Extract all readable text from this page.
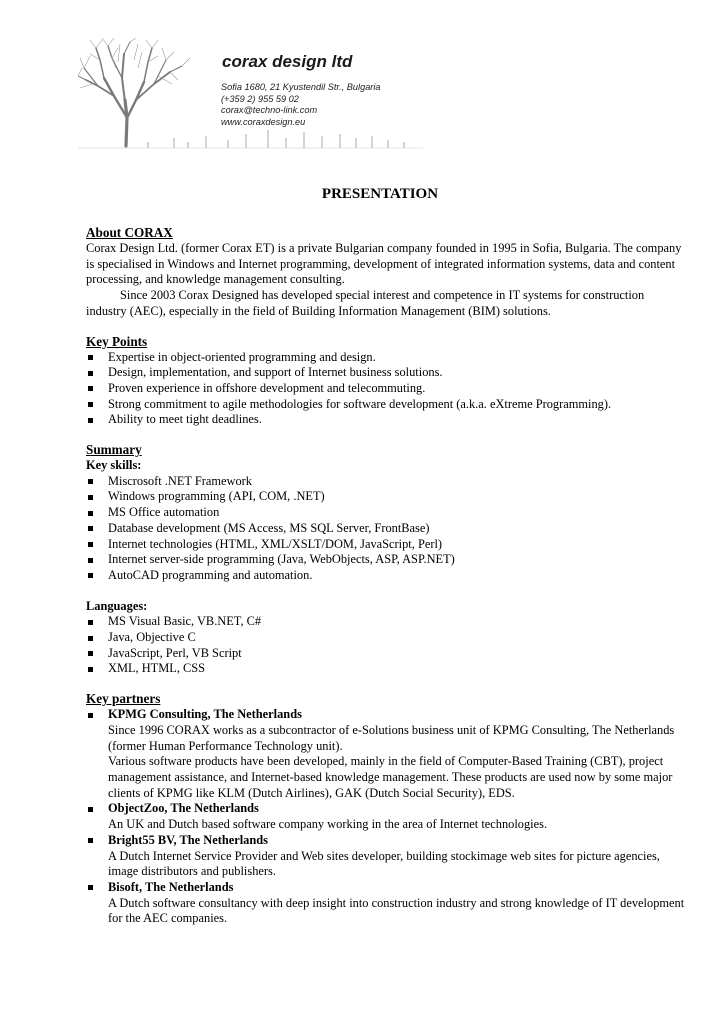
corax design ltd
Sofia 1680, 21 Kyustendil Str., Bulgaria
(+359 2) 955 59 02
corax@techno-link.com
www.coraxdesign.eu
PRESENTATION
About CORAX

Corax Design Ltd. (former Corax ET) is a private Bulgarian company founded in 1995 in Sofia, Bulgaria. The company is specialised in Windows and Internet programming, development of integrated information systems, data and content processing, and knowledge management consulting.

Since 2003 Corax Designed has developed special interest and competence in IT systems for construction industry (AEC), especially in the field of Building Information Management (BIM) solutions.

Key Points
Expertise in object-oriented programming and design.
Design, implementation, and support of Internet business solutions.
Proven experience in offshore development and telecommuting.
Strong commitment to agile methodologies for software development (a.k.a. eXtreme Programming).
Ability to meet tight deadlines.
Summary
Key skills:
Miscrosoft .NET Framework
Windows programming (API, COM, .NET)
MS Office automation
Database development (MS Access, MS SQL Server, FrontBase)
Internet technologies (HTML, XML/XSLT/DOM, JavaScript, Perl)
Internet server-side programming (Java, WebObjects, ASP, ASP.NET)
AutoCAD programming and automation.
Languages:
MS Visual Basic, VB.NET, C#
Java, Objective C
JavaScript, Perl, VB Script
XML, HTML, CSS
Key partners
KPMG Consulting, The Netherlands
Since 1996 CORAX works as a subcontractor of e-Solutions business unit of KPMG Consulting, The Netherlands (former Human Performance Technology unit).
Various software products have been developed, mainly in the field of Computer-Based Training (CBT), project management assistance, and Internet-based knowledge management. These products are used now by some major clients of KPMG like KLM (Dutch Airlines), GAK (Dutch Social Security), EDS.
ObjectZoo, The Netherlands
An UK and Dutch based software company working in the area of Internet technologies.
Bright55 BV, The Netherlands
A Dutch Internet Service Provider and Web sites developer, building stockimage web sites for picture agencies, image distributors and publishers.
Bisoft, The Netherlands
A Dutch software consultancy with deep insight into construction industry and strong knowledge of IT development for the AEC companies.
